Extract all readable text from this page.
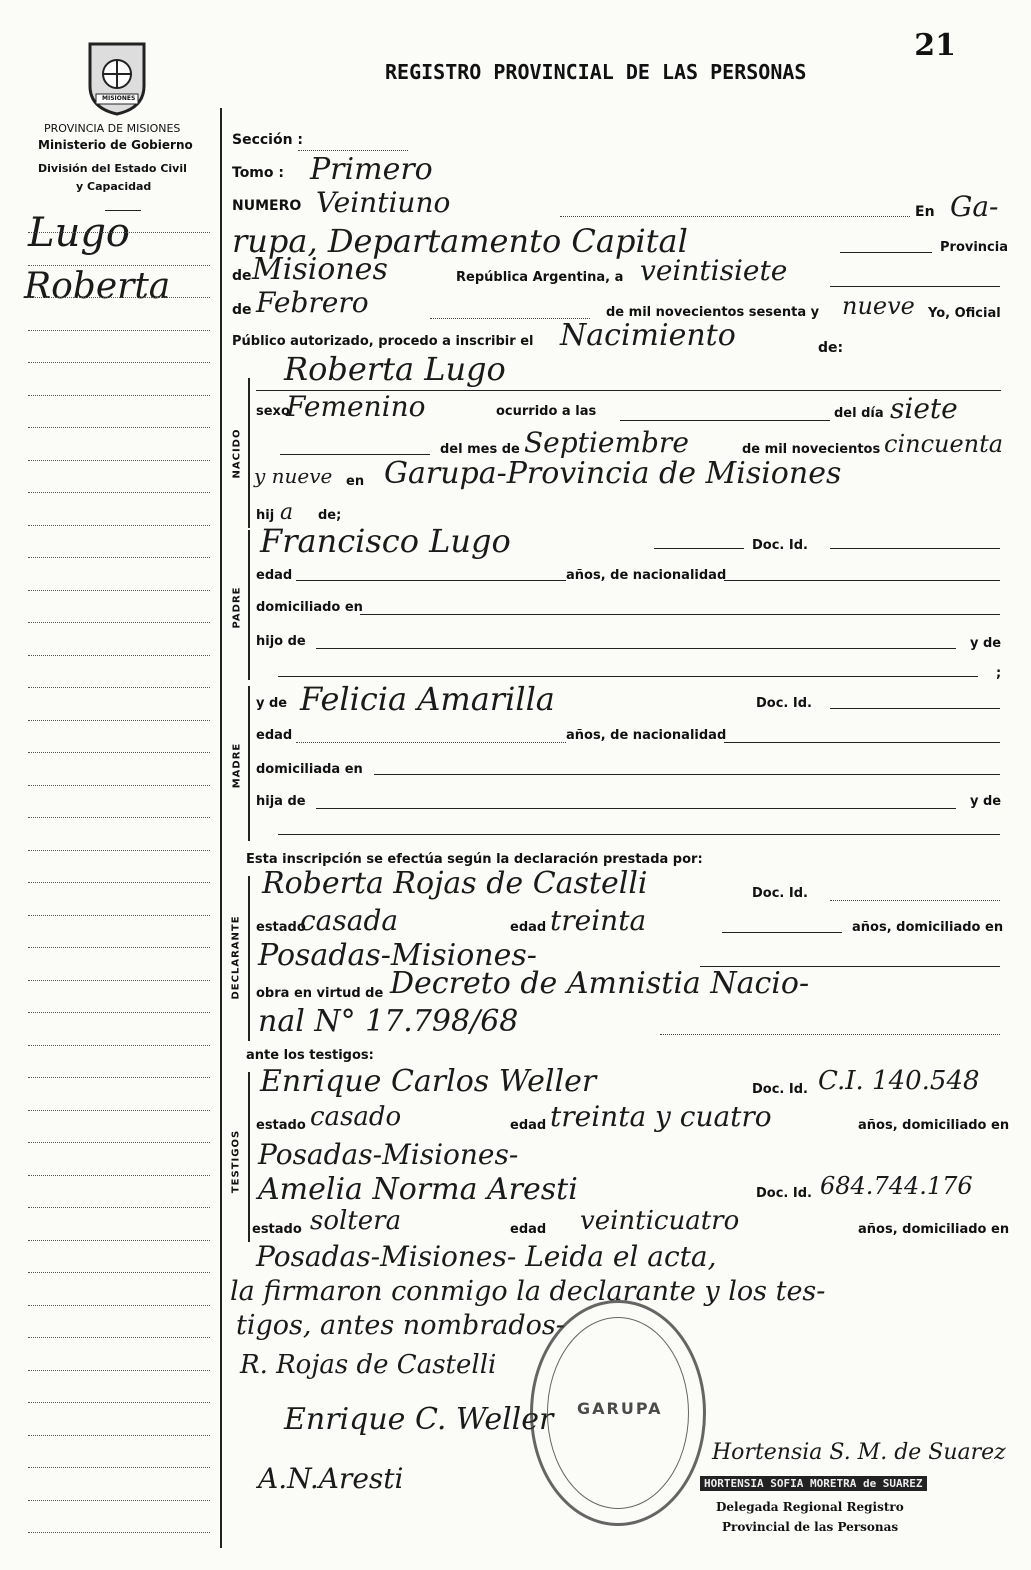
21
REGISTRO PROVINCIAL DE LAS PERSONAS
MISIONES
PROVINCIA DE MISIONES
Ministerio de Gobierno
División del Estado Civil
y Capacidad
Lugo
Roberta
Sección :
Tomo : Primero
NUMERO Veintiuno	En Ga-
rupa, Departamento Capital	Provincia
de Misiones	República Argentina, a veintisiete
de Febrero	de mil novecientos sesenta y nueve Yo, Oficial
Público autorizado, procedo a inscribir el Nacimiento	de:
NACIDO
Roberta Lugo
sexo
Femenino	ocurrido a las	del día siete
del mes de Septiembre	de mil novecientos cincuenta
y nueve en Garupa-Provincia de Misiones
hij a de;
PADRE
Francisco Lugo	Doc. Id.
edad	años, de nacionalidad
domiciliado en
hijo de	y de
;
MADRE
y de Felicia Amarilla	Doc. Id.
edad	años, de nacionalidad
domiciliada en
hija de	y de
Esta inscripción se efectúa según la declaración prestada por:
DECLARANTE
Roberta Rojas de Castelli	Doc. Id.
estado
casada	edad treinta	años, domiciliado en
Posadas-Misiones-
obra en virtud de Decreto de Amnistia Nacio-
nal N° 17.798/68
ante los testigos:
TESTIGOS
Enrique Carlos Weller	Doc. Id. C.I. 140.548
estado casado	edad treinta y cuatro	años, domiciliado en
Posadas-Misiones-
Amelia Norma Aresti	Doc. Id. 684.744.176
estado soltera	edad veinticuatro	años, domiciliado en
Posadas-Misiones- Leida el acta,
la firmaron conmigo la declarante y los tes-
tigos, antes nombrados-
R. Rojas de Castelli
Enrique C. Weller
A.N.Aresti
GARUPA
Hortensia S. M. de Suarez
HORTENSIA SOFIA MORETRA de SUAREZ
Delegada Regional Registro
Provincial de las Personas
